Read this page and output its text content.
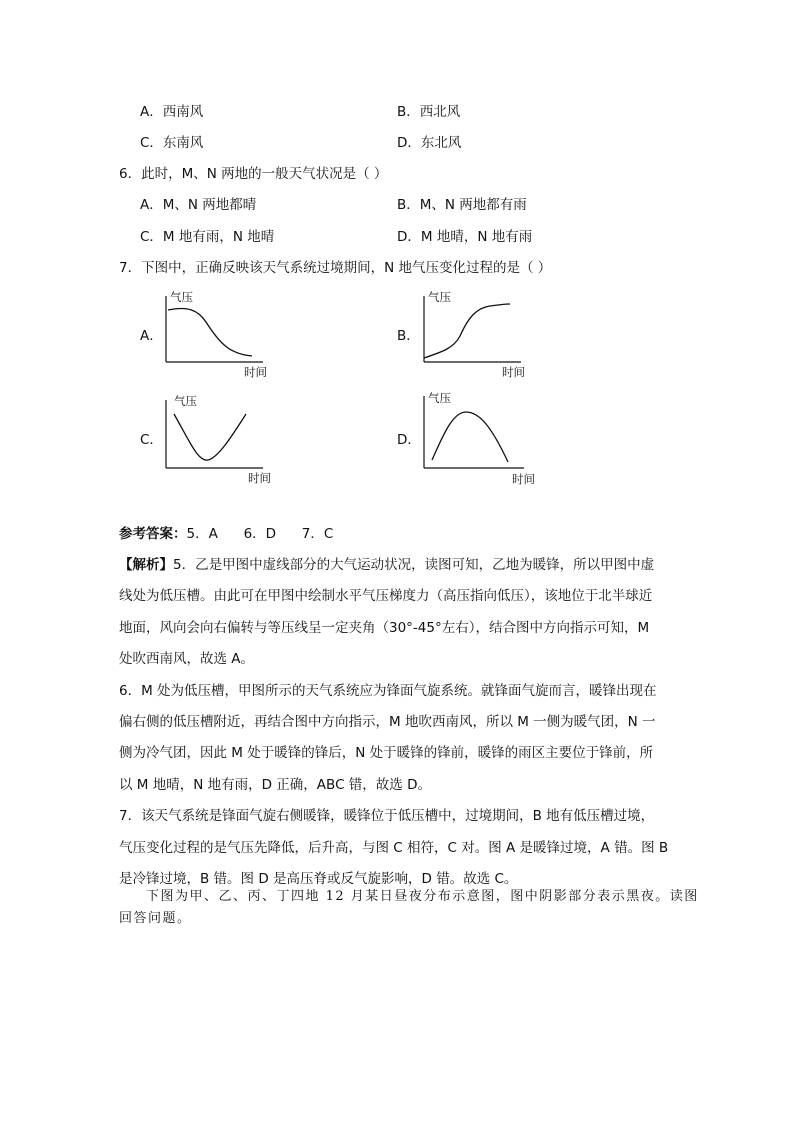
A．西南风	B．西北风
C．东南风	D．东北风
6．此时，M、N 两地的一般天气状况是（ ）
A．M、N 两地都晴	B．M、N 两地都有雨
C．M 地有雨，N 地晴	D．M 地晴，N 地有雨
7．下图中，正确反映该天气系统过境期间，N 地气压变化过程的是（ ）
A．
气压
时间
B．
气压
时间
C．
气压
时间
D．
气压
时间
参考答案：5．A      6．D      7．C
【解析】5．乙是甲图中虚线部分的大气运动状况，读图可知，乙地为暖锋，所以甲图中虚
线处为低压槽。由此可在甲图中绘制水平气压梯度力（高压指向低压），该地位于北半球近
地面，风向会向右偏转与等压线呈一定夹角（30°-45°左右），结合图中方向指示可知，M
处吹西南风，故选 A。
6．M 处为低压槽，甲图所示的天气系统应为锋面气旋系统。就锋面气旋而言，暖锋出现在
偏右侧的低压槽附近，再结合图中方向指示，M 地吹西南风，所以 M 一侧为暖气团，N 一
侧为冷气团，因此 M 处于暖锋的锋后，N 处于暖锋的锋前，暖锋的雨区主要位于锋前，所
以 M 地晴，N 地有雨，D 正确，ABC 错，故选 D。
7．该天气系统是锋面气旋右侧暖锋，暖锋位于低压槽中，过境期间，B 地有低压槽过境，
气压变化过程的是气压先降低，后升高，与图 C 相符，C 对。图 A 是暖锋过境，A 错。图 B
是冷锋过境，B 错。图 D 是高压脊或反气旋影响，D 错。故选 C。
下图为甲、乙、丙、丁四地 12 月某日昼夜分布示意图，图中阴影部分表示黑夜。读图
回答问题。
